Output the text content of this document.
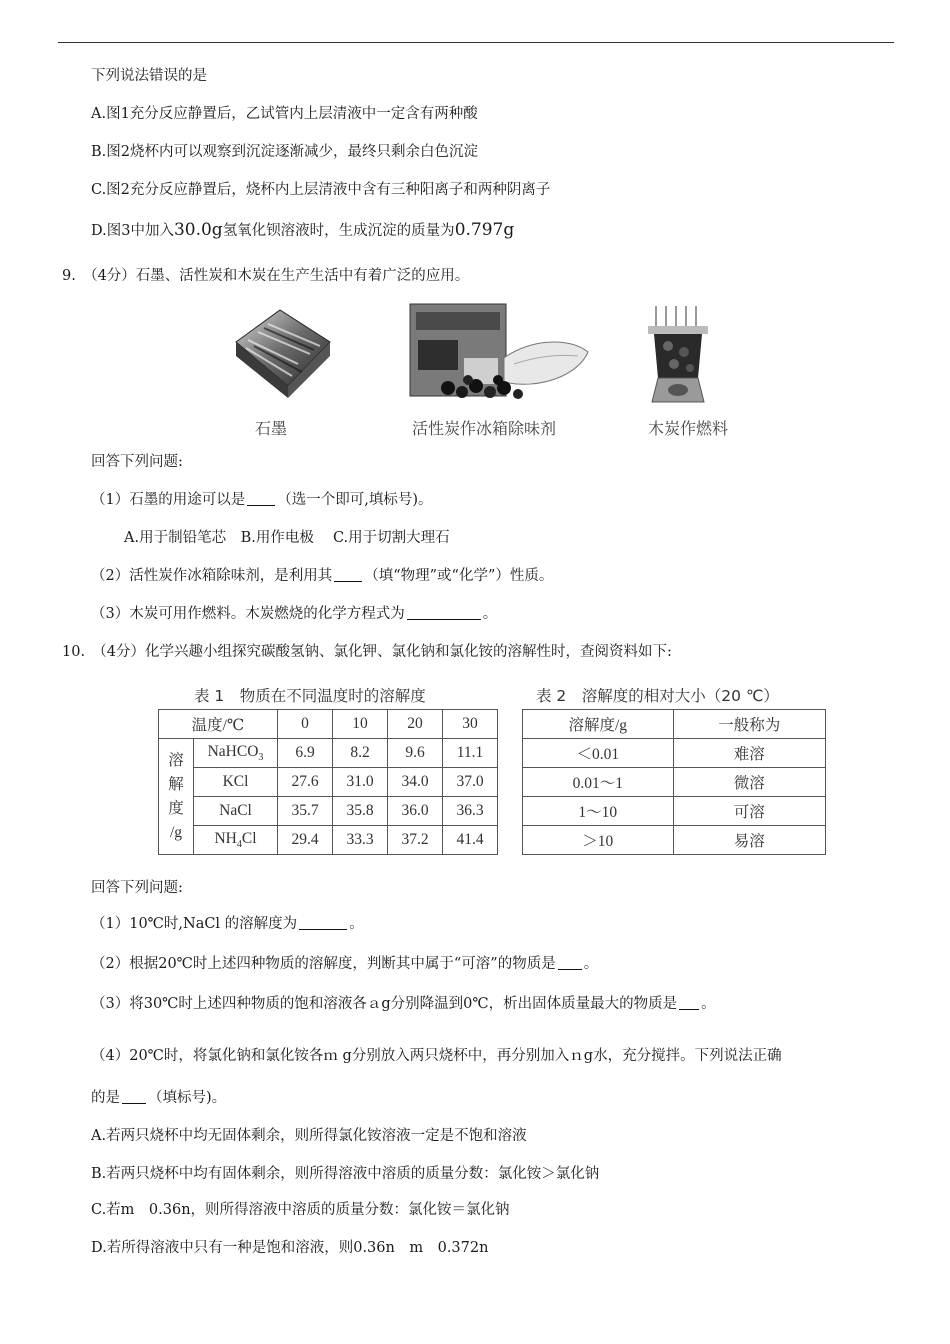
下列说法错误的是
A.图1充分反应静置后，乙试管内上层清液中一定含有两种酸
B.图2烧杯内可以观察到沉淀逐渐减少，最终只剩余白色沉淀
C.图2充分反应静置后，烧杯内上层清液中含有三种阳离子和两种阴离子
D.图3中加入30.0g氢氧化钡溶液时，生成沉淀的质量为0.797g
9.　（4分）石墨、活性炭和木炭在生产生活中有着广泛的应用。
石墨	活性炭作冰箱除味剂	木炭作燃料
回答下列问题:
（1）石墨的用途可以是 （选一个即可,填标号)。
A.用于制铅笔芯　B.用作电极　 C.用于切割大理石
（2）活性炭作冰箱除味剂，是利用其 （填“物理”或“化学”）性质。
（3）木炭可用作燃料。木炭燃烧的化学方程式为	。
10.　（4分）化学兴趣小组探究碳酸氢钠、氯化钾、氯化钠和氯化铵的溶解性时，查阅资料如下:
表 1　物质在不同温度时的溶解度
温度/℃		0	10	20	30

溶
解
度
/g	NaHCO$_3$	6.9	8.2	9.6	11.1
	KCl	27.6	31.0	34.0	37.0
	NaCl	35.7	35.8	36.0	36.3
	$NH_4Cl$	29.4	33.3	37.2	41.4
表 2　溶解度的相对大小（20 ℃）
溶解度/g	一般称为
＜0.01	难溶
0.01～1	微溶
1～10	可溶
＞10	易溶
回答下列问题:
（1）10℃时,NaCl 的溶解度为	。
（2）根据20℃时上述四种物质的溶解度，判断其中属于“可溶”的物质是 。
（3）将30℃时上述四种物质的饱和溶液各ａg分别降温到0℃，析出固体质量最大的物质是 。
（4）20℃时，将氯化钠和氯化铵各ｍ g分别放入两只烧杯中，再分别加入ｎg水，充分搅拌。下列说法正确
的是 （填标号)。
A.若两只烧杯中均无固体剩余，则所得氯化铵溶液一定是不饱和溶液
B.若两只烧杯中均有固体剩余，则所得溶液中溶质的质量分数：氯化铵＞氯化钠
C.若m　0.36n，则所得溶液中溶质的质量分数：氯化铵＝氯化钠
D.若所得溶液中只有一种是饱和溶液，则0.36n　m　0.372n
